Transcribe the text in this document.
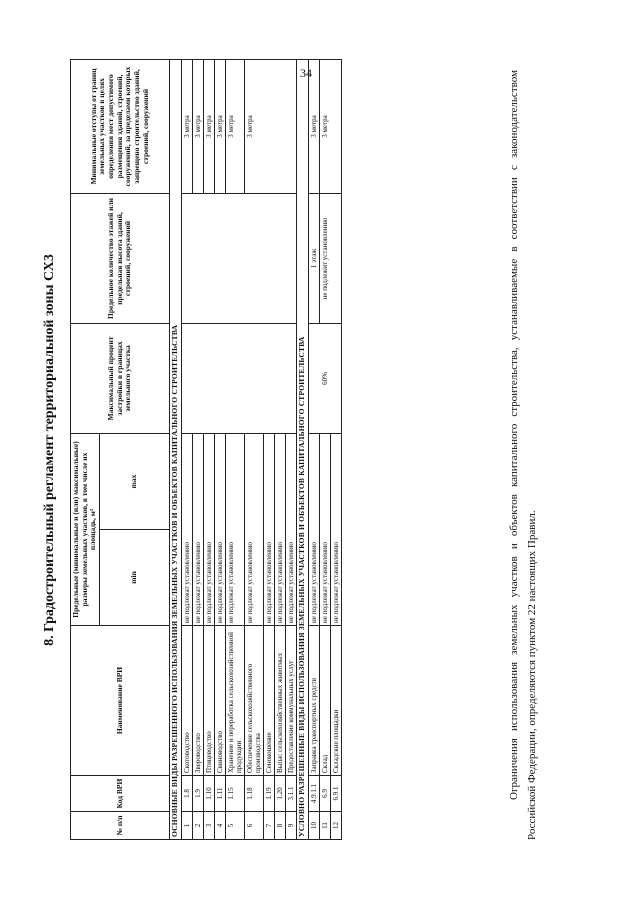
34
8. Градостроительный регламент территориальной зоны СХ3
№ п/п	Код ВРИ	Наименование ВРИ	Предельные (минимальные и (или) максимальные) размеры земельных участков, в том числе их площадь, м²		Максимальный процент застройки в границах земельного участка	Предельное количество этажей или предельная высота зданий, строений, сооружений	Минимальные отступы от границ земельных участков в целях определения мест допустимого размещения зданий, строений, сооружений, за пределами которых запрещено строительство зданий, строений, сооружений
			min	max			
ОСНОВНЫЕ ВИДЫ РАЗРЕШЕННОГО ИСПОЛЬЗОВАНИЯ ЗЕМЕЛЬНЫХ УЧАСТКОВ И ОБЪЕКТОВ КАПИТАЛЬНОГО СТРОИТЕЛЬСТВА							
1	1.8	Скотоводство	не подлежат установлению				3 метра
2	1.9	Звероводство	не подлежат установлению				3 метра
3	1.10	Птицеводство	не подлежат установлению				3 метра
4	1.11	Свиноводство	не подлежат установлению				3 метра
5	1.15	Хранение и переработка сельскохозяйственной продукции	не подлежат установлению				3 метра
6	1.18	Обеспечение сельскохозяйственного производства	не подлежат установлению				3 метра
7	1.19	Сенокошение	не подлежат установлению				
8	1.20	Выпас сельскохозяйственных животных	не подлежат установлению				
9	3.1.1	Предоставление коммунальных услуг	не подлежат установлению				
УСЛОВНО РАЗРЕШЕННЫЕ ВИДЫ ИСПОЛЬЗОВАНИЯ ЗЕМЕЛЬНЫХ УЧАСТКОВ И ОБЪЕКТОВ КАПИТАЛЬНОГО СТРОИТЕЛЬСТВА							
10	4.9.1.1	Заправка транспортных средств	не подлежат установлению		60%	1 этаж	3 метра
11	6.9	Склад	не подлежат установлению			не подлежит установлению	3 метра
12	6.9.1	Складские площадки	не подлежат установлению					Ограничения использования земельных участков и объектов капитального строительства, устанавливаемые в соответствии с законодательством Российской Федерации, определяются пунктом 22 настоящих Правил.
